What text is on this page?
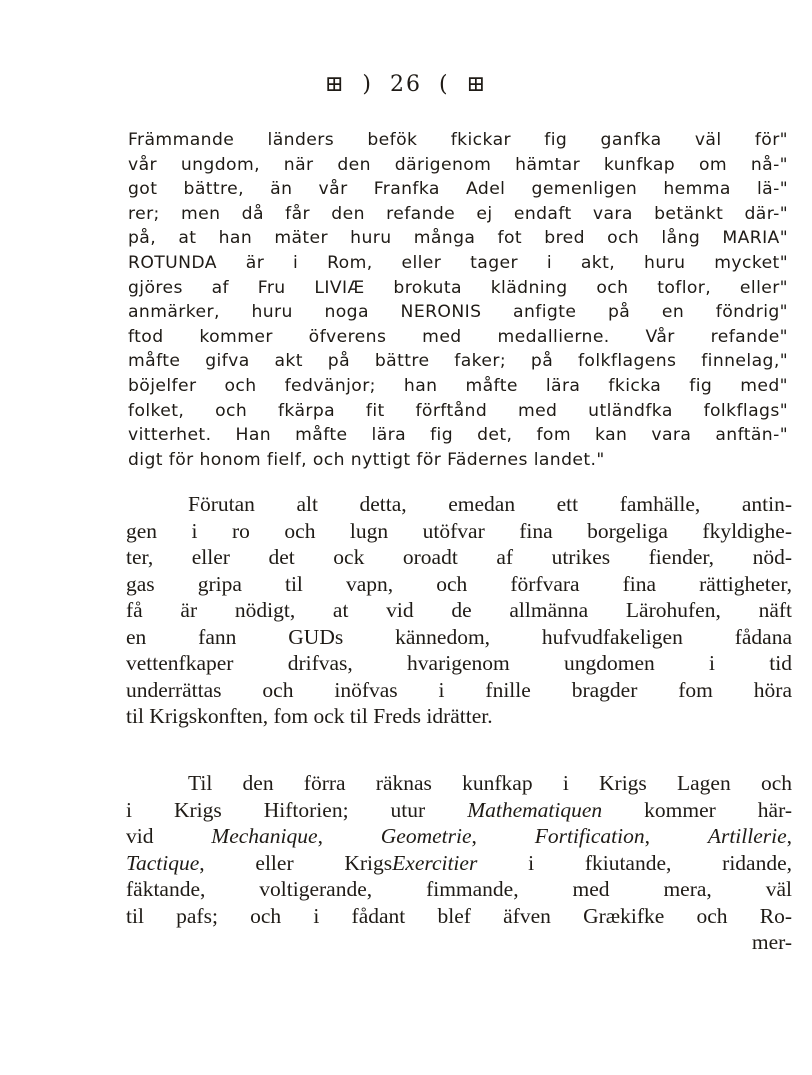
⊞ ) 26 ( ⊞
Främmande länders befök fkickar fig ganfka väl för"
vår ungdom, när den därigenom hämtar kunfkap om nå-"
got bättre, än vår Franfka Adel gemenligen hemma lä-"
rer; men då får den refande ej endaft vara betänkt där-"
på, at han mäter huru många fot bred och lång MARIA"
ROTUNDA är i Rom, eller tager i akt, huru mycket"
gjöres af Fru LIVIÆ brokuta klädning och toflor, eller"
anmärker, huru noga NERONIS anfigte på en föndrig"
ftod kommer öfverens med medallierne. Vår refande"
måfte gifva akt på bättre faker; på folkflagens finnelag,"
böjelfer och fedvänjor; han måfte lära fkicka fig med"
folket, och fkärpa fit förftånd med utländfka folkflags"
vitterhet. Han måfte lära fig det, fom kan vara anftän-"
digt för honom fielf, och nyttigt för Fädernes landet."
Förutan alt detta, emedan ett famhälle, antin-
gen i ro och lugn utöfvar fina borgeliga fkyldighe-
ter, eller det ock oroadt af utrikes fiender, nöd-
gas gripa til vapn, och förfvara fina rättigheter,
få är nödigt, at vid de allmänna Lärohufen, näft
en fann GUDs kännedom, hufvudfakeligen fådana
vettenfkaper drifvas, hvarigenom ungdomen i tid
underrättas och inöfvas i fnille bragder fom höra
til Krigskonften, fom ock til Freds idrätter.
Til den förra räknas kunfkap i Krigs Lagen och
i Krigs Hiftorien; utur Mathematiquen kommer här-
vid Mechanique, Geometrie, Fortification, Artillerie,
Tactique, eller KrigsExercitier i fkiutande, ridande,
fäktande, voltigerande, fimmande, med mera, väl
til pafs; och i fådant blef äfven Grækifke och Ro-
mer-
